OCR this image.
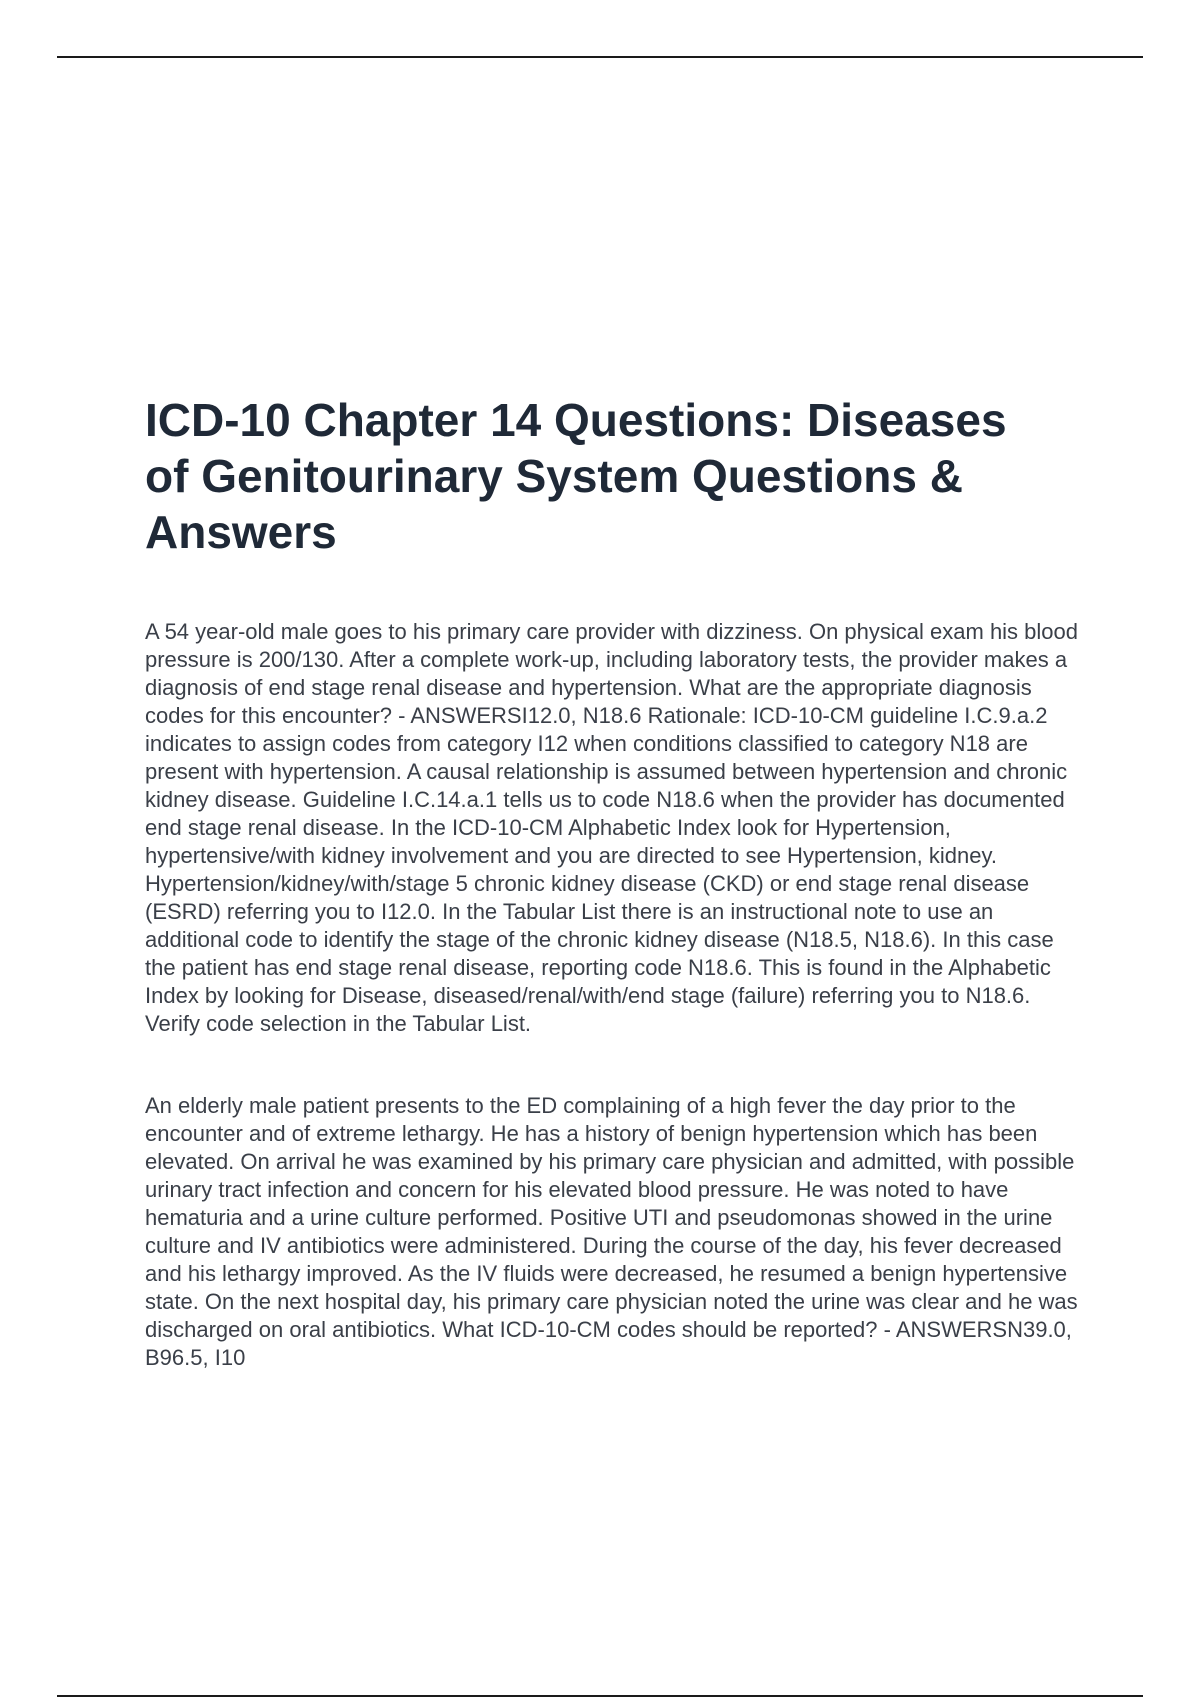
ICD-10 Chapter 14 Questions: Diseases
of Genitourinary System Questions &
Answers
A 54 year-old male goes to his primary care provider with dizziness. On physical exam his blood pressure is 200/130. After a complete work-up, including laboratory tests, the provider makes a diagnosis of end stage renal disease and hypertension. What are the appropriate diagnosis codes for this encounter? - ANSWERSI12.0, N18.6 Rationale: ICD-10-CM guideline I.C.9.a.2 indicates to assign codes from category I12 when conditions classified to category N18 are present with hypertension. A causal relationship is assumed between hypertension and chronic kidney disease. Guideline I.C.14.a.1 tells us to code N18.6 when the provider has documented end stage renal disease. In the ICD-10-CM Alphabetic Index look for Hypertension, hypertensive/with kidney involvement and you are directed to see Hypertension, kidney. Hypertension/kidney/with/stage 5 chronic kidney disease (CKD) or end stage renal disease (ESRD) referring you to I12.0. In the Tabular List there is an instructional note to use an additional code to identify the stage of the chronic kidney disease (N18.5, N18.6). In this case the patient has end stage renal disease, reporting code N18.6. This is found in the Alphabetic Index by looking for Disease, diseased/renal/with/end stage (failure) referring you to N18.6. Verify code selection in the Tabular List.
An elderly male patient presents to the ED complaining of a high fever the day prior to the encounter and of extreme lethargy. He has a history of benign hypertension which has been elevated. On arrival he was examined by his primary care physician and admitted, with possible urinary tract infection and concern for his elevated blood pressure. He was noted to have hematuria and a urine culture performed. Positive UTI and pseudomonas showed in the urine culture and IV antibiotics were administered. During the course of the day, his fever decreased and his lethargy improved. As the IV fluids were decreased, he resumed a benign hypertensive state. On the next hospital day, his primary care physician noted the urine was clear and he was discharged on oral antibiotics. What ICD-10-CM codes should be reported? - ANSWERSN39.0, B96.5, I10
